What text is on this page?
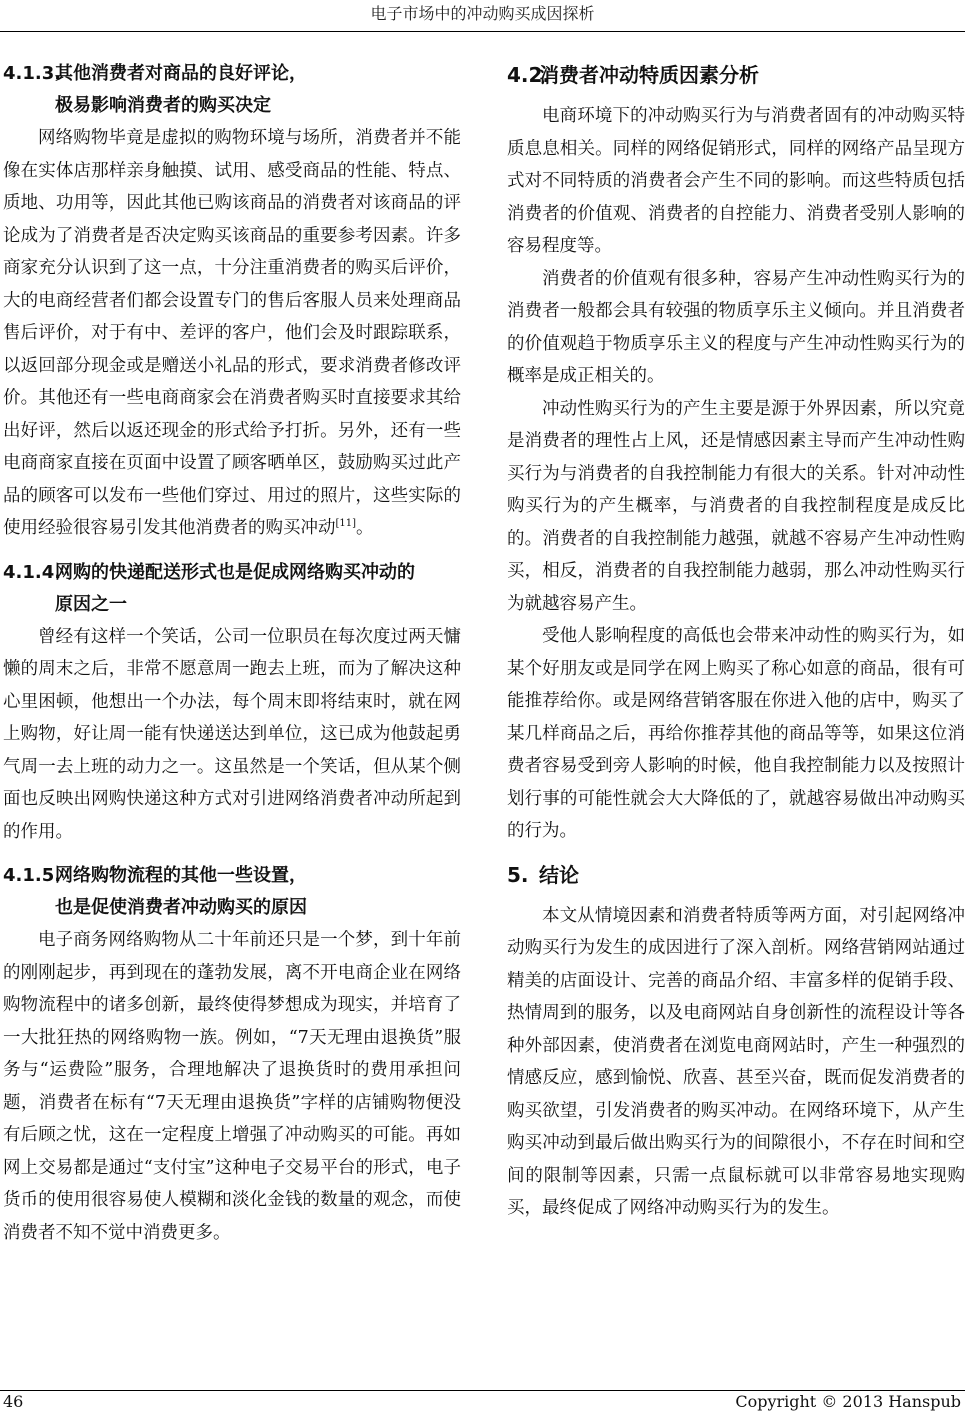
电子市场中的冲动购买成因探析
4.1.3.其他消费者对商品的良好评论，
极易影响消费者的购买决定

网络购物毕竟是虚拟的购物环境与场所，消费者并不能像在实体店那样亲身触摸、试用、感受商品的性能、特点、质地、功用等，因此其他已购该商品的消费者对该商品的评论成为了消费者是否决定购买该商品的重要参考因素。许多商家充分认识到了这一点，十分注重消费者的购买后评价，大的电商经营者们都会设置专门的售后客服人员来处理商品售后评价，对于有中、差评的客户，他们会及时跟踪联系，以返回部分现金或是赠送小礼品的形式，要求消费者修改评价。其他还有一些电商商家会在消费者购买时直接要求其给出好评，然后以返还现金的形式给予打折。另外，还有一些电商商家直接在页面中设置了顾客晒单区，鼓励购买过此产品的顾客可以发布一些他们穿过、用过的照片，这些实际的使用经验很容易引发其他消费者的购买冲动[11]。

4.1.4.网购的快递配送形式也是促成网络购买冲动的
原因之一

曾经有这样一个笑话，公司一位职员在每次度过两天慵懒的周末之后，非常不愿意周一跑去上班，而为了解决这种心里困顿，他想出一个办法，每个周末即将结束时，就在网上购物，好让周一能有快递送达到单位，这已成为他鼓起勇气周一去上班的动力之一。这虽然是一个笑话，但从某个侧面也反映出网购快递这种方式对引进网络消费者冲动所起到的作用。

4.1.5.网络购物流程的其他一些设置，
也是促使消费者冲动购买的原因

电子商务网络购物从二十年前还只是一个梦，到十年前的刚刚起步，再到现在的蓬勃发展，离不开电商企业在网络购物流程中的诸多创新，最终使得梦想成为现实，并培育了一大批狂热的网络购物一族。例如，“7天无理由退换货”服务与“运费险”服务，合理地解决了退换货时的费用承担问题，消费者在标有“7天无理由退换货”字样的店铺购物便没有后顾之忧，这在一定程度上增强了冲动购买的可能。再如网上交易都是通过“支付宝”这种电子交易平台的形式，电子货币的使用很容易使人模糊和淡化金钱的数量的观念，而使消费者不知不觉中消费更多。

4.2.消费者冲动特质因素分析

电商环境下的冲动购买行为与消费者固有的冲动购买特质息息相关。同样的网络促销形式，同样的网络产品呈现方式对不同特质的消费者会产生不同的影响。而这些特质包括消费者的价值观、消费者的自控能力、消费者受别人影响的容易程度等。

消费者的价值观有很多种，容易产生冲动性购买行为的消费者一般都会具有较强的物质享乐主义倾向。并且消费者的价值观趋于物质享乐主义的程度与产生冲动性购买行为的概率是成正相关的。

冲动性购买行为的产生主要是源于外界因素，所以究竟是消费者的理性占上风，还是情感因素主导而产生冲动性购买行为与消费者的自我控制能力有很大的关系。针对冲动性购买行为的产生概率，与消费者的自我控制程度是成反比的。消费者的自我控制能力越强，就越不容易产生冲动性购买，相反，消费者的自我控制能力越弱，那么冲动性购买行为就越容易产生。

受他人影响程度的高低也会带来冲动性的购买行为，如某个好朋友或是同学在网上购买了称心如意的商品，很有可能推荐给你。或是网络营销客服在你进入他的店中，购买了某几样商品之后，再给你推荐其他的商品等等，如果这位消费者容易受到旁人影响的时候，他自我控制能力以及按照计划行事的可能性就会大大降低的了，就越容易做出冲动购买的行为。

5. 结论

本文从情境因素和消费者特质等两方面，对引起网络冲动购买行为发生的成因进行了深入剖析。网络营销网站通过精美的店面设计、完善的商品介绍、丰富多样的促销手段、热情周到的服务，以及电商网站自身创新性的流程设计等各种外部因素，使消费者在浏览电商网站时，产生一种强烈的情感反应，感到愉悦、欣喜、甚至兴奋，既而促发消费者的购买欲望，引发消费者的购买冲动。在网络环境下，从产生购买冲动到最后做出购买行为的间隙很小，不存在时间和空间的限制等因素，只需一点鼠标就可以非常容易地实现购买，最终促成了网络冲动购买行为的发生。

46	Copyright © 2013 Hanspub
